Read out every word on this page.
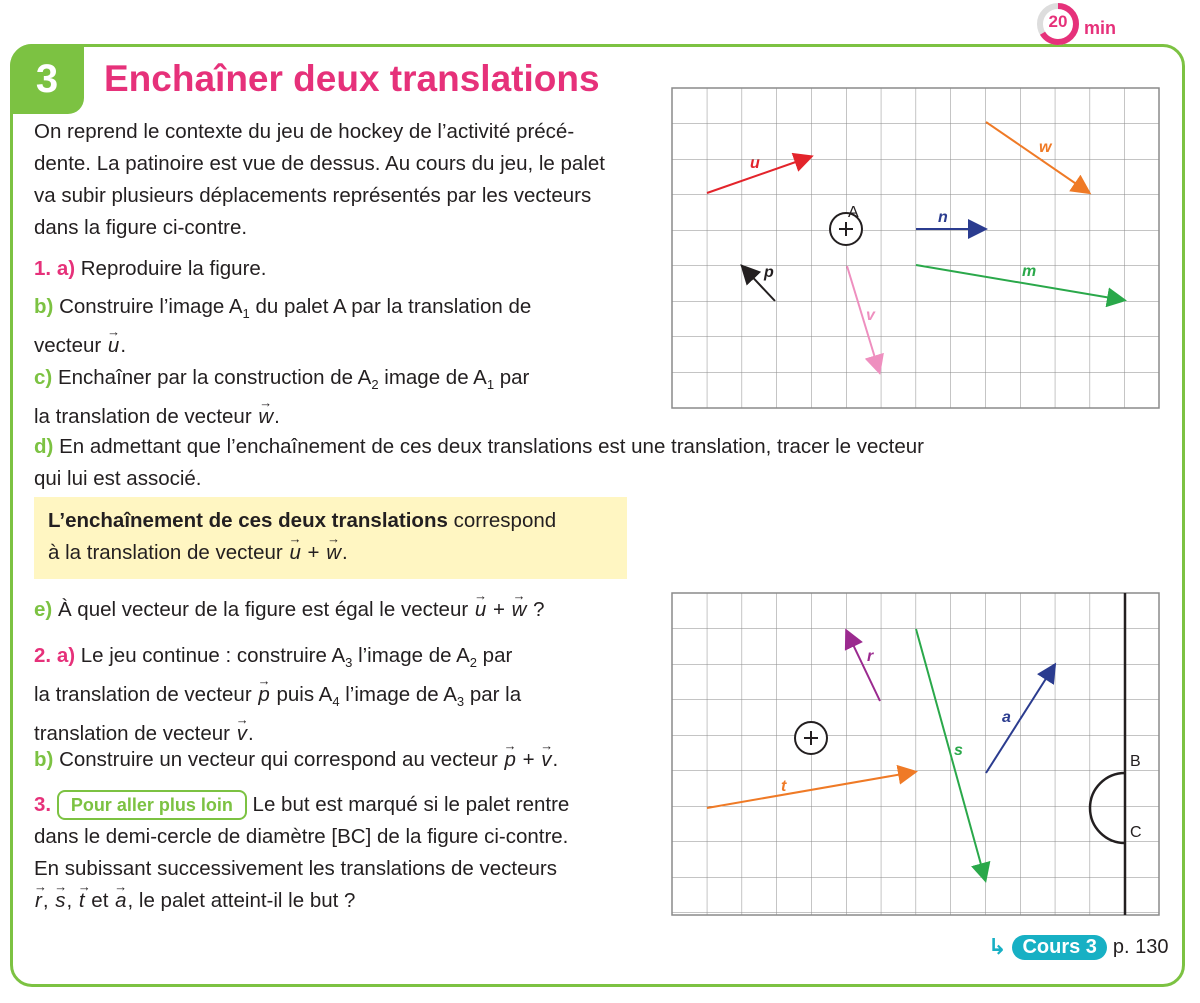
3	Enchaîner deux translations
20 min

On reprend le contexte du jeu de hockey de l’activité précé-
dente. La patinoire est vue de dessus. Au cours du jeu, le palet
va subir plusieurs déplacements représentés par les vecteurs
dans la figure ci-contre.

1. a) Reproduire la figure.

b) Construire l’image $A_1$ du palet A par la translation de
vecteur → u.

c) Enchaîner par la construction de $A_2$ image de $A_1$ par
la translation de vecteur → w.

d) En admettant que l’enchaînement de ces deux translations est une translation, tracer le vecteur
qui lui est associé.

L’enchaînement de ces deux translations correspond
à la translation de vecteur → u + → w.

e) À quel vecteur de la figure est égal le vecteur → u + → w ?

2. a) Le jeu continue : construire $A_3$ l’image de $A_2$ par
la translation de vecteur → p puis $A_4$ l’image de $A_3$ par la
translation de vecteur → v.

b) Construire un vecteur qui correspond au vecteur → p + → v.

3. Pour aller plus loin Le but est marqué si le palet rentre
dans le demi-cercle de diamètre [BC] de la figure ci-contre.
En subissant successivement les translations de vecteurs
→ r, → s, → t et → a, le palet atteint-il le but ?

u
w
n
p	m
v
A
B
C
r
s
a
t
↳ Cours 3 p. 130
